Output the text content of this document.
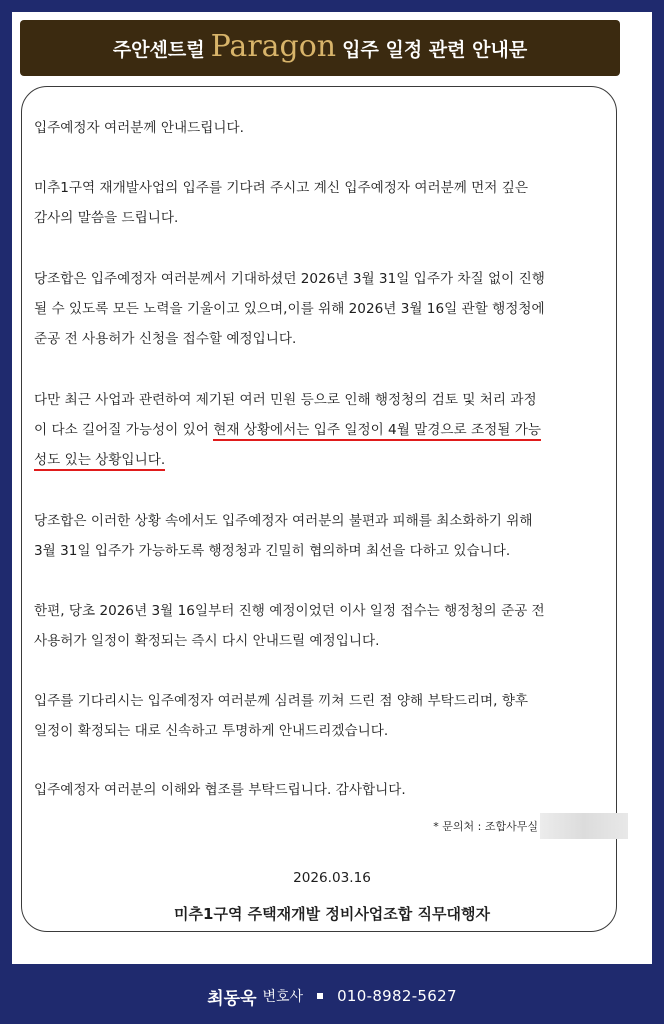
주안센트럴 Paragon 입주 일정 관련 안내문

입주예정자 여러분께 안내드립니다.

미추1구역 재개발사업의 입주를 기다려 주시고 계신 입주예정자 여러분께 먼저 깊은
감사의 말씀을 드립니다.

당조합은 입주예정자 여러분께서 기대하셨던 2026년 3월 31일 입주가 차질 없이 진행
될 수 있도록 모든 노력을 기울이고 있으며,이를 위해 2026년 3월 16일 관할 행정청에
준공 전 사용허가 신청을 접수할 예정입니다.

다만 최근 사업과 관련하여 제기된 여러 민원 등으로 인해 행정청의 검토 및 처리 과정
이 다소 길어질 가능성이 있어 현재 상황에서는 입주 일정이 4월 말경으로 조정될 가능
성도 있는 상황입니다.

당조합은 이러한 상황 속에서도 입주예정자 여러분의 불편과 피해를 최소화하기 위해
3월 31일 입주가 가능하도록 행정청과 긴밀히 협의하며 최선을 다하고 있습니다.

한편, 당초 2026년 3월 16일부터 진행 예정이었던 이사 일정 접수는 행정청의 준공 전
사용허가 일정이 확정되는 즉시 다시 안내드릴 예정입니다.

입주를 기다리시는 입주예정자 여러분께 심려를 끼쳐 드린 점 양해 부탁드리며, 향후
일정이 확정되는 대로 신속하고 투명하게 안내드리겠습니다.

입주예정자 여러분의 이해와 협조를 부탁드립니다. 감사합니다.

* 문의처 : 조합사무실
2026.03.16
미추1구역 주택재개발 정비사업조합 직무대행자
최동욱 변호사 010-8982-5627
